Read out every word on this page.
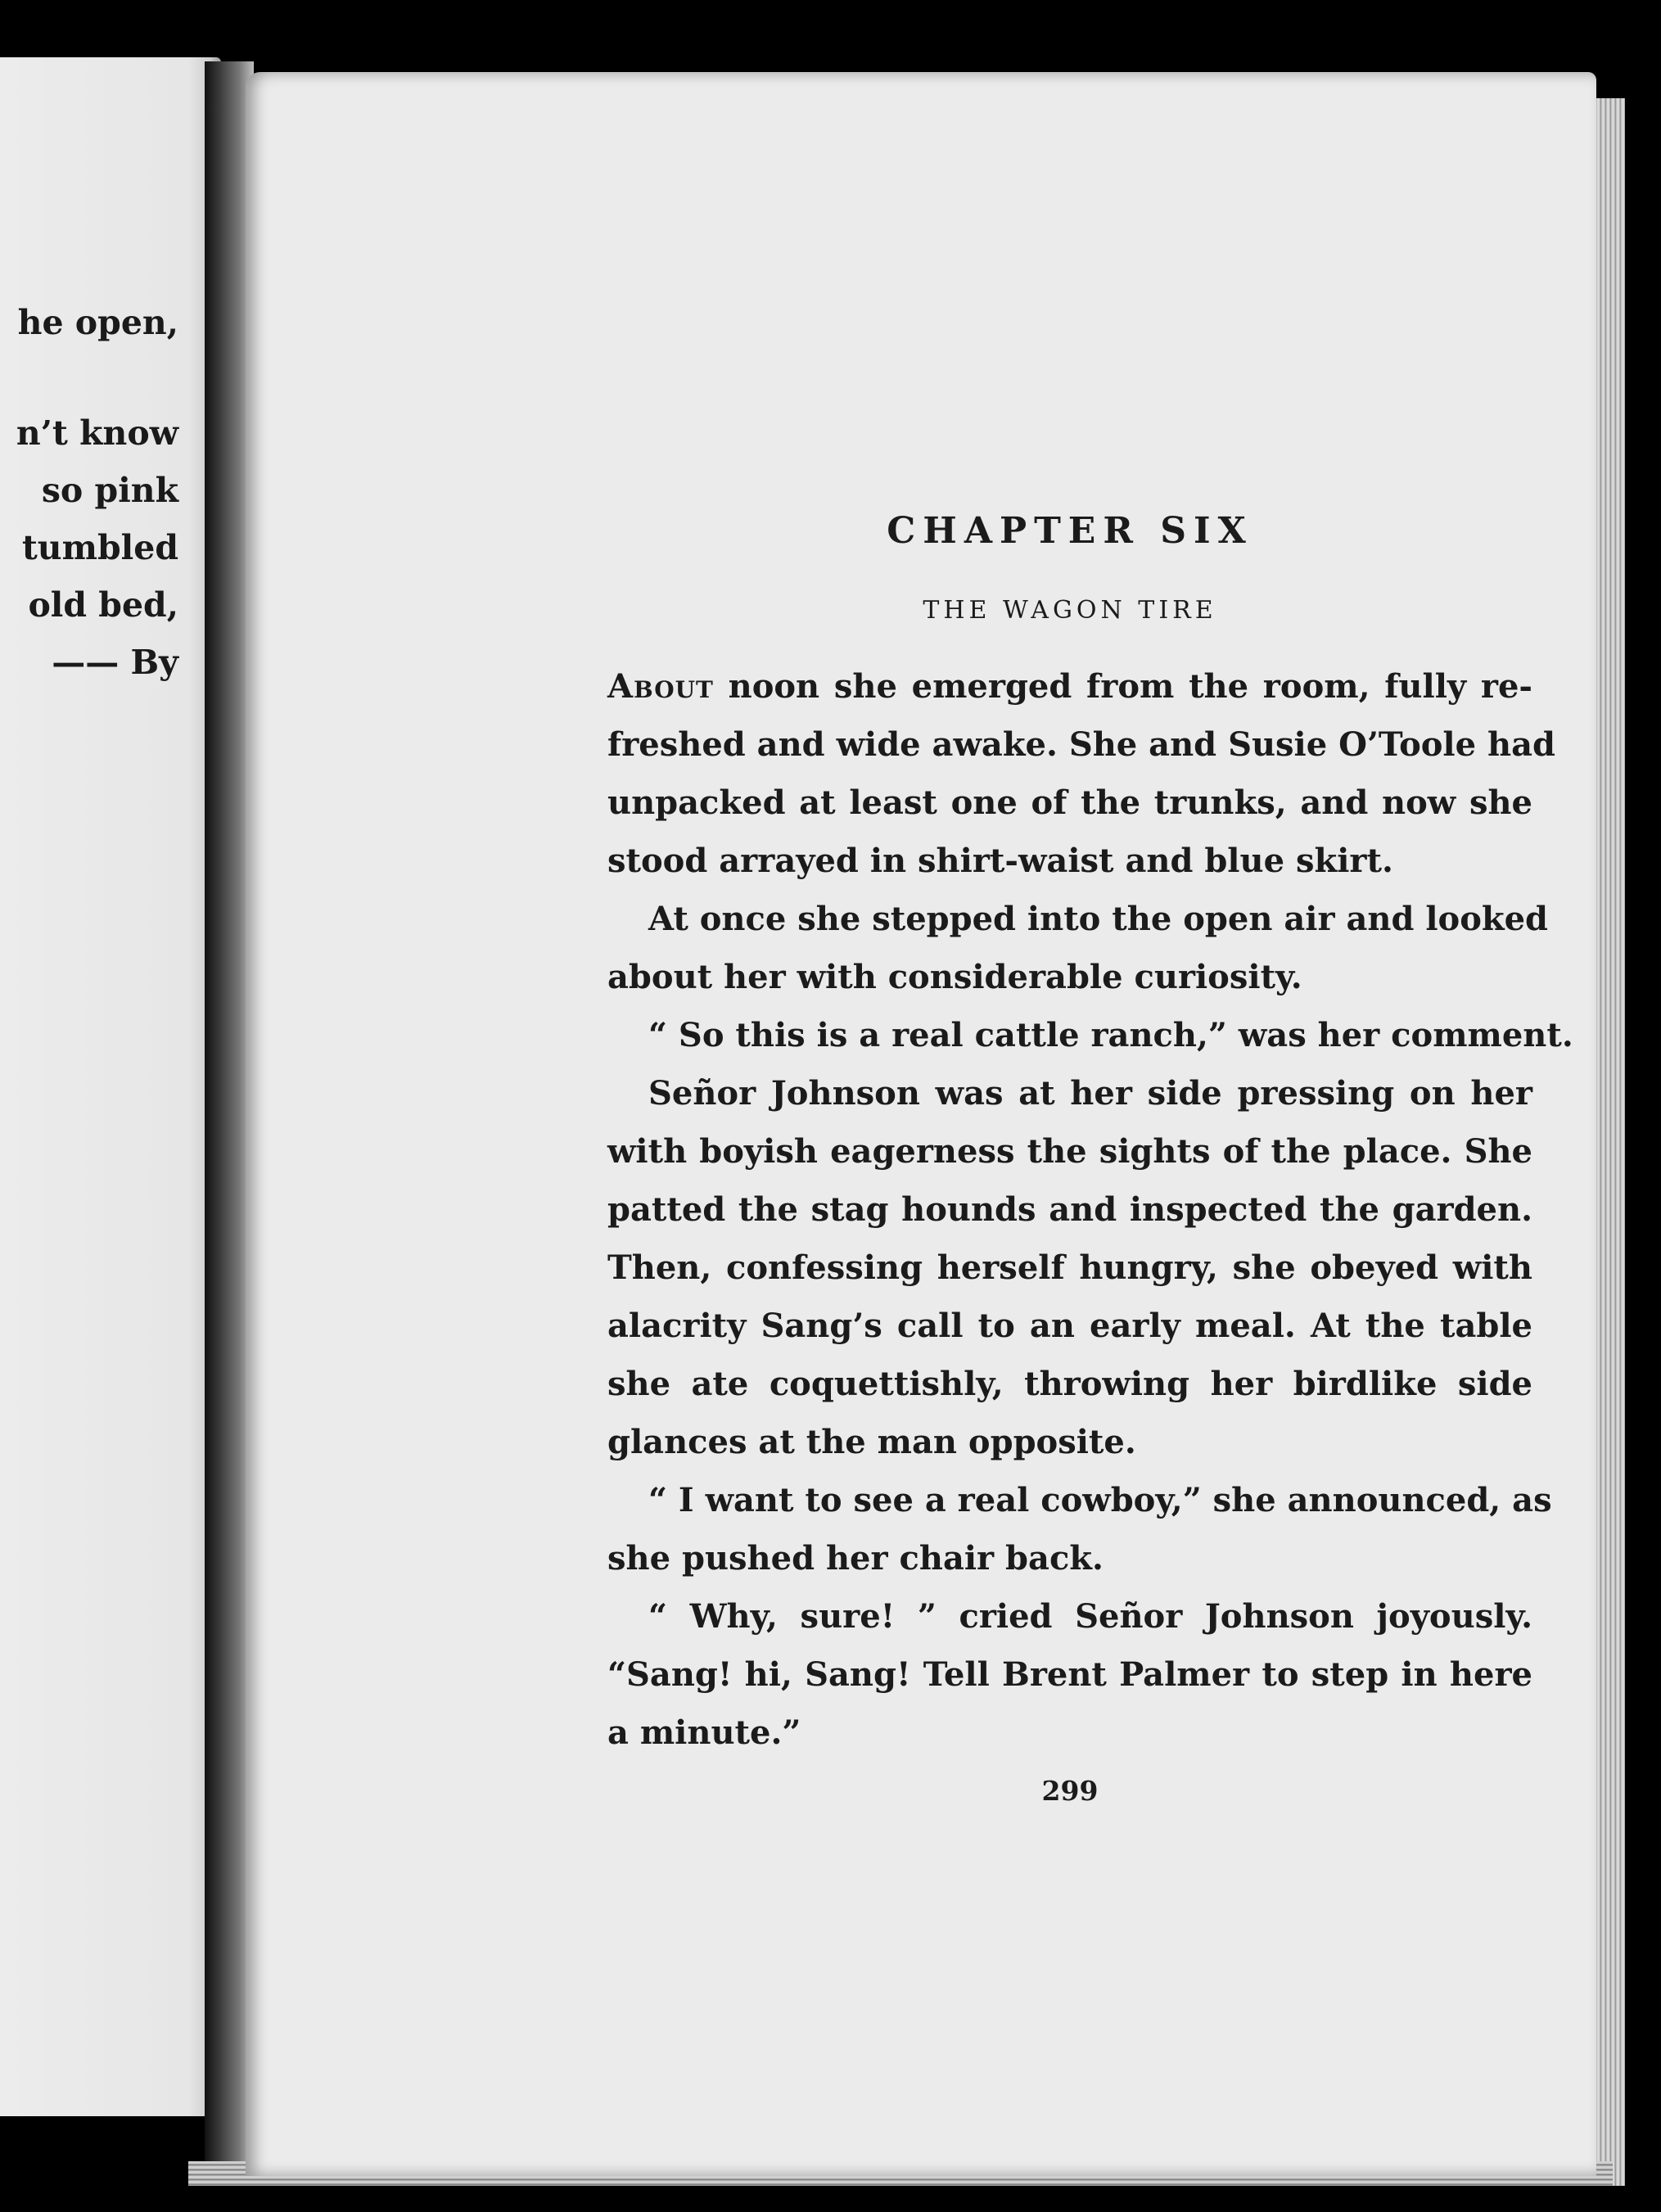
he open,
n’t know
so pink
tumbled
old bed,
—— By
CHAPTER SIX
THE WAGON TIRE
About noon she emerged from the room, fully re-
freshed and wide awake. She and Susie O’Toole had
unpacked at least one of the trunks, and now she
stood arrayed in shirt-waist and blue skirt.
At once she stepped into the open air and looked
about her with considerable curiosity.
“ So this is a real cattle ranch,” was her comment.
Señor Johnson was at her side pressing on her
with boyish eagerness the sights of the place. She
patted the stag hounds and inspected the garden.
Then, confessing herself hungry, she obeyed with
alacrity Sang’s call to an early meal. At the table
she ate coquettishly, throwing her birdlike side
glances at the man opposite.
“ I want to see a real cowboy,” she announced, as
she pushed her chair back.
“ Why, sure! ” cried Señor Johnson joyously.
“Sang! hi, Sang! Tell Brent Palmer to step in here
a minute.”
299
